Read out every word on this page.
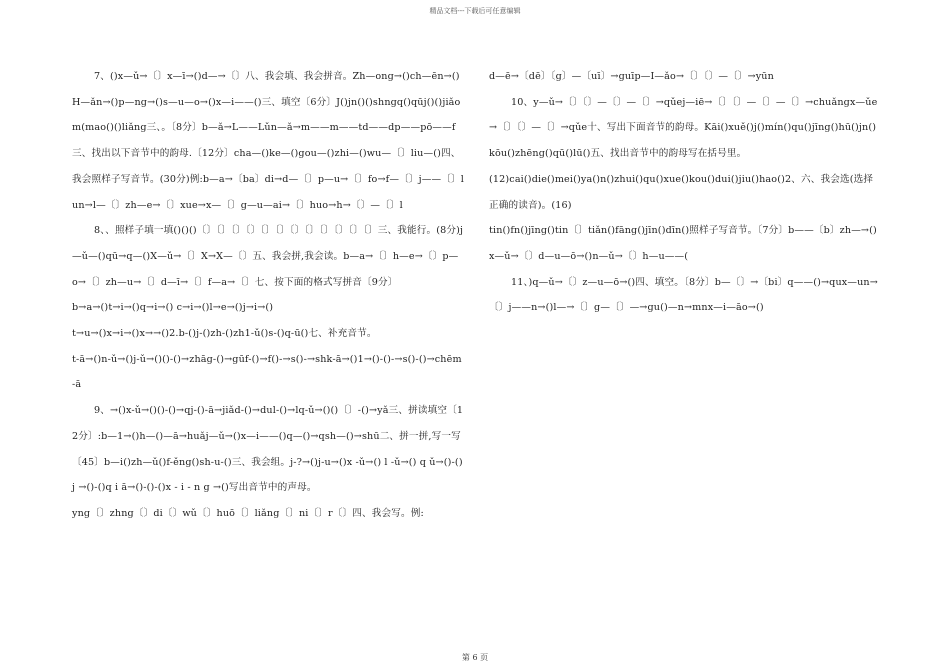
精品文档---下载后可任意编辑

7、()x—ǔ→〔〕x—ī→()d—→〔〕八、我会填、我会拼音。Zh—ong→()ch—ēn→()H—ǎn→()p—ng→()s—u—o→()x—i——()三、填空〔6分〕J()jn()()shngq()qūj()()jiǎom(mao()()liǎng三、。〔8分〕b—ǎ→L——Lǔn—ǎ→m——m——td——dp——pō——f 三、找出以下音节中的韵母.〔12分〕cha—()ke—()gou—()zhi—()wu—〔〕liu—()四、我会照样子写音节。(30分)例:b—a→〔ba〕di→d—〔〕p—u→〔〕fo→f—〔〕j——〔〕lun→l—〔〕zh—e→〔〕xue→x—〔〕g—u—ai→〔〕huo→h→〔〕—〔〕l

8、、照样子填一填()()()〔〕〔〕〔〕〔〕〔〕〔〕〔〕〔〕〔〕〔〕〔〕〔〕三、我能行。(8分)j—ǔ—()qū→q—()X—ǔ→〔〕X→X—〔〕五、我会拼,我会读。b—a→〔〕h—e→〔〕p—o→〔〕zh—u→〔〕d—ī→〔〕f—a→〔〕七、按下面的格式写拼音〔9分〕

b→a→()t→i→()q→i→() c→i→()l→e→()j→i→()

t→u→()x→i→()x→→()2.b-()j-()zh-()zh1-ǔ()s-()q-ū()七、补充音节。

t-ā→()n-ǔ→()j-ǔ→()()-()→zhāg-()→gūf-()→f()-→s()-→shk-ā→()1→()-()-→s()-()→chēm-ā

9、→()x-ǔ→()()-()→qj-()-ā→jiǎd-()→dul-()→lq-ǔ→()()〔〕-()→yǎ三、拼读填空〔12分〕:b—1→()h—()—ā→huǎj—ǔ→()x—i——()q—()→qsh—()→shū二、拼一拼,写一写〔45〕b—i()zh—ǔ()f-ěng()sh-u-()三、我会组。j-?→()j-u→()x -ǔ→() l -ǔ→() q ǔ→()-()j →()-()q i ā→()-()-()x - i - n g →()写出音节中的声母。

yng〔〕zhng〔〕di〔〕wǔ〔〕huō〔〕liǎng〔〕ni〔〕r〔〕四、我会写。例:

d—ē→〔dē〕〔g〕—〔uī〕→guīp—I—ǎo→〔〕〔〕—〔〕→yūn

10、y—ǔ→〔〕〔〕—〔〕—〔〕→qǔej—iē→〔〕〔〕—〔〕—〔〕→chuǎngx—ǔe→〔〕〔〕—〔〕→qǔe十、写出下面音节的韵母。Kāi()xuě()j()mín()qu()jīng()hū()jn()kōu()zhēng()qū()lū()五、找出音节中的韵母写在括号里。

(12)cai()die()mei()ya()n()zhui()qu()xue()kou()dui()jiu()hao()2、六、我会选(选择正确的读音)。(16)

tin()fn()jīng()tin〔〕tiǎn()fāng()jīn()dīn()照样子写音节。〔7分〕b——〔b〕zh—→()x—ǔ→〔〕d—u—ō→()n—ǔ→〔〕h—u——(

11、)q—ǔ→〔〕z—u—ō→()四、填空。〔8分〕b—〔〕→〔bi〕q——()→qux—un→〔〕j——n→()l—→〔〕g—〔〕—→gu()—n→mnx—i—āo→()

第 6 页
